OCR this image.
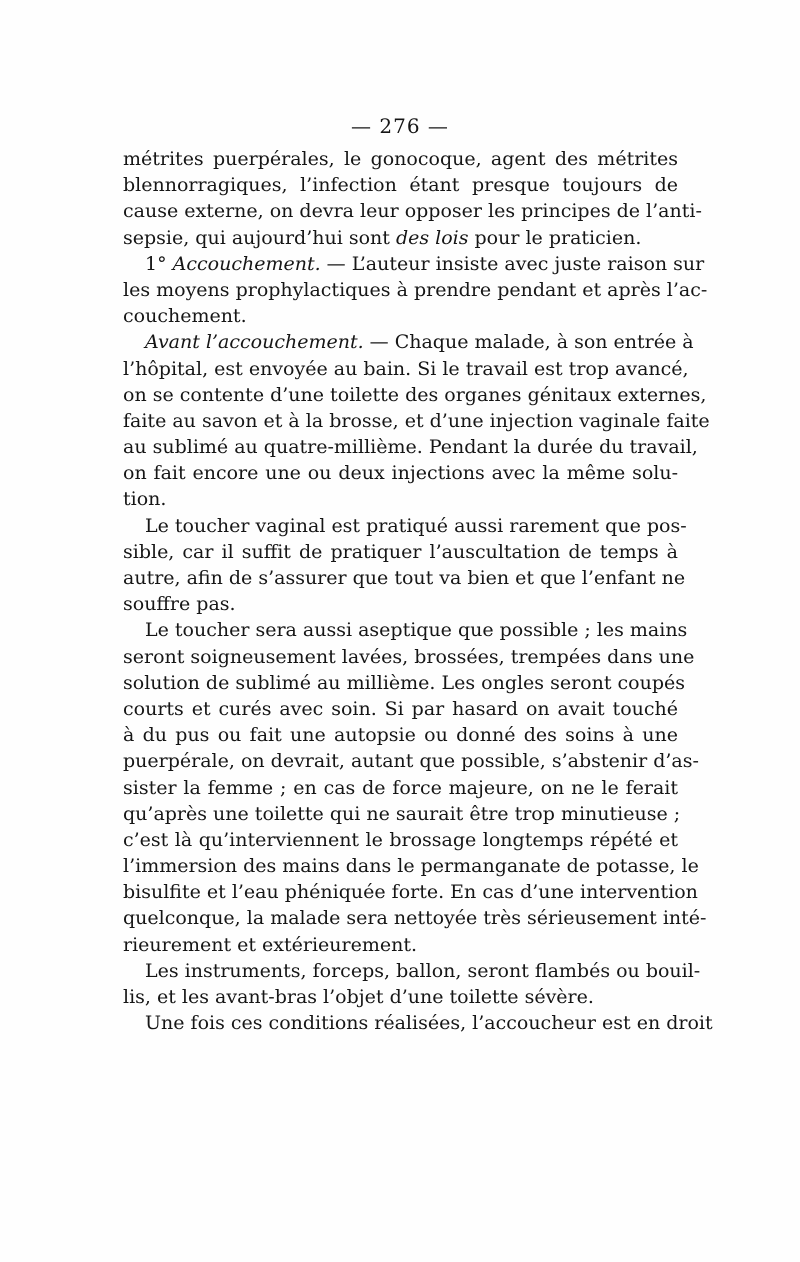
— 276 —
métrites puerpérales, le gonocoque, agent des métrites
blennorragiques, l’infection étant presque toujours de
cause externe, on devra leur opposer les principes de l’anti-
sepsie, qui aujourd’hui sont des lois pour le praticien.
1° Accouchement. — L’auteur insiste avec juste raison sur
les moyens prophylactiques à prendre pendant et après l’ac-
couchement.
Avant l’accouchement. — Chaque malade, à son entrée à
l’hôpital, est envoyée au bain. Si le travail est trop avancé,
on se contente d’une toilette des organes génitaux externes,
faite au savon et à la brosse, et d’une injection vaginale faite
au sublimé au quatre-millième. Pendant la durée du travail,
on fait encore une ou deux injections avec la même solu-
tion.
Le toucher vaginal est pratiqué aussi rarement que pos-
sible, car il suffit de pratiquer l’auscultation de temps à
autre, afin de s’assurer que tout va bien et que l’enfant ne
souffre pas.
Le toucher sera aussi aseptique que possible ; les mains
seront soigneusement lavées, brossées, trempées dans une
solution de sublimé au millième. Les ongles seront coupés
courts et curés avec soin. Si par hasard on avait touché
à du pus ou fait une autopsie ou donné des soins à une
puerpérale, on devrait, autant que possible, s’abstenir d’as-
sister la femme ; en cas de force majeure, on ne le ferait
qu’après une toilette qui ne saurait être trop minutieuse ;
c’est là qu’interviennent le brossage longtemps répété et
l’immersion des mains dans le permanganate de potasse, le
bisulfite et l’eau phéniquée forte. En cas d’une intervention
quelconque, la malade sera nettoyée très sérieusement inté-
rieurement et extérieurement.
Les instruments, forceps, ballon, seront flambés ou bouil-
lis, et les avant-bras l’objet d’une toilette sévère.
Une fois ces conditions réalisées, l’accoucheur est en droit
